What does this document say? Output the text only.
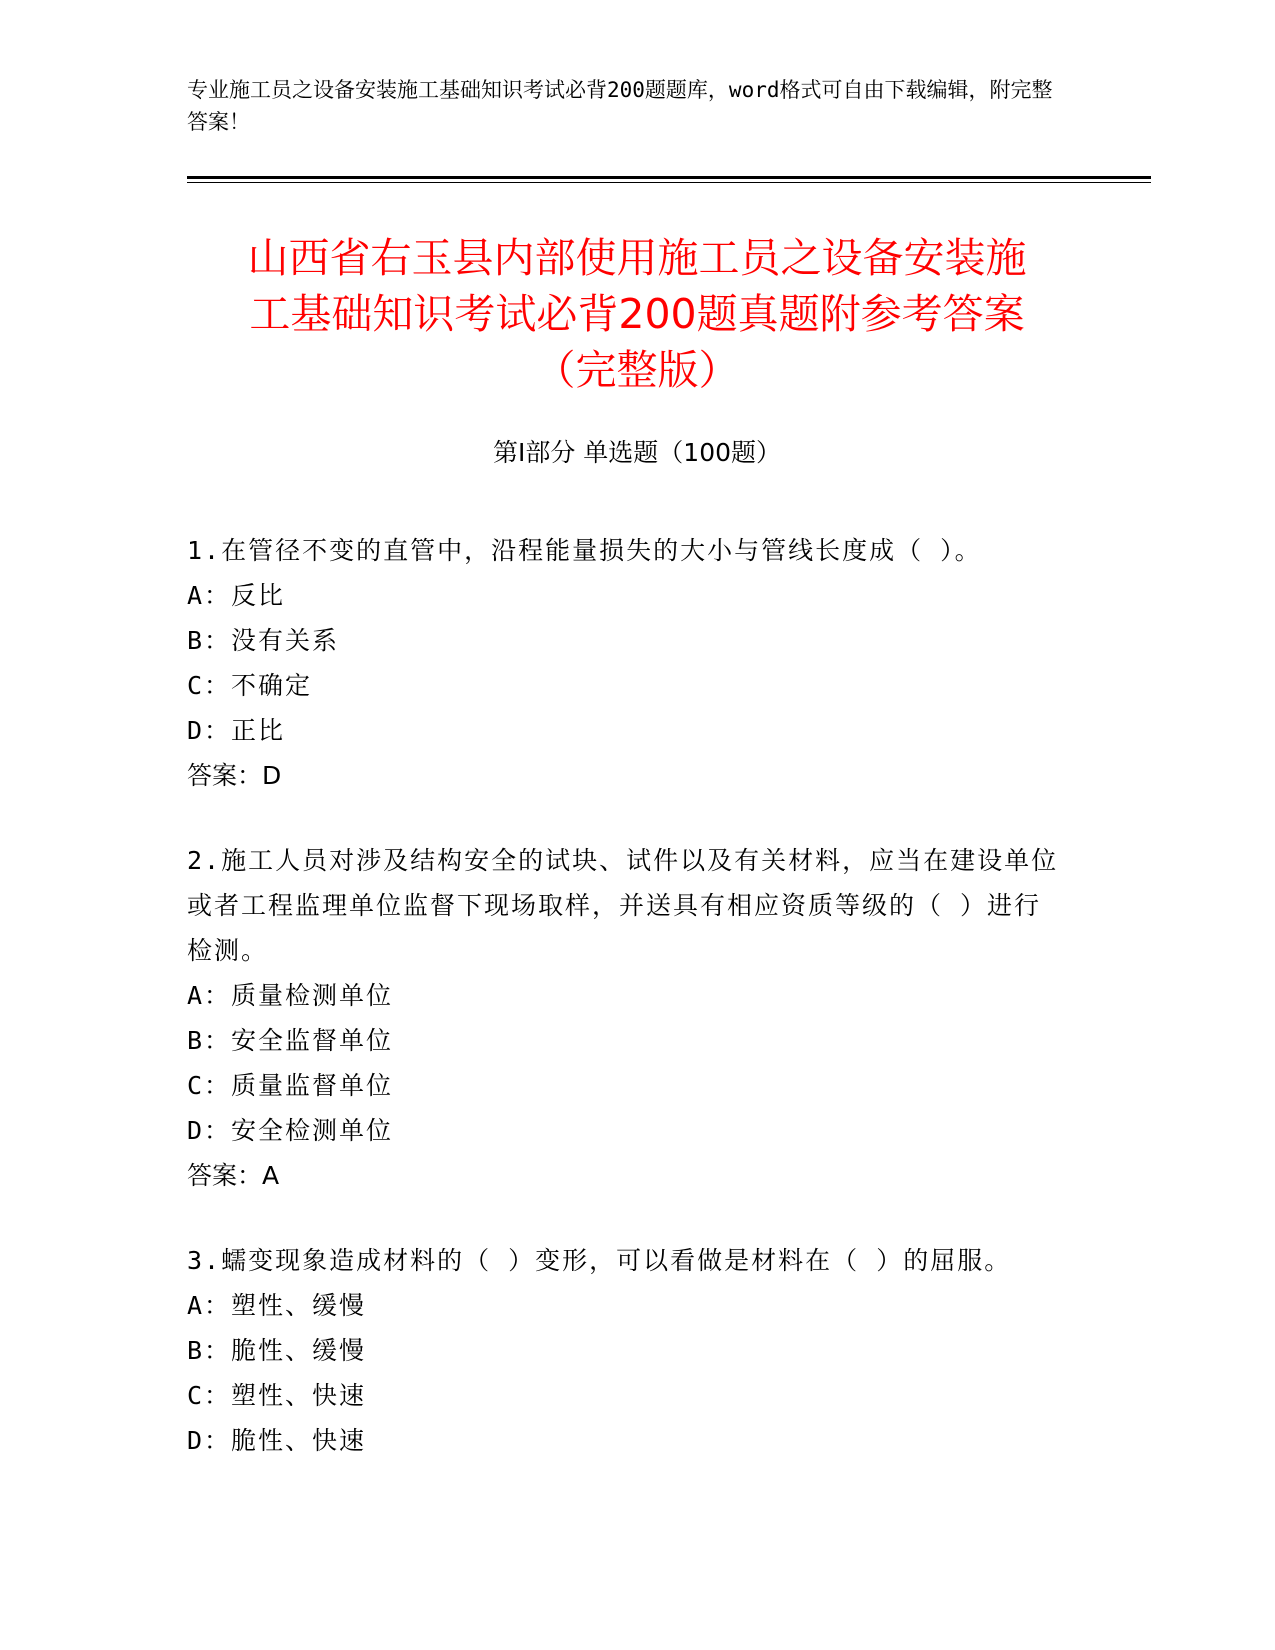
专业施工员之设备安装施工基础知识考试必背200题题库，word格式可自由下载编辑，附完整答案！
山西省右玉县内部使用施工员之设备安装施
工基础知识考试必背200题真题附参考答案
（完整版）
第I部分 单选题（100题）
1.在管径不变的直管中，沿程能量损失的大小与管线长度成（ ）。
A：反比
B：没有关系
C：不确定
D：正比
答案：D
2.施工人员对涉及结构安全的试块、试件以及有关材料，应当在建设单位或者工程监理单位监督下现场取样，并送具有相应资质等级的（ ）进行检测。
A：质量检测单位
B：安全监督单位
C：质量监督单位
D：安全检测单位
答案：A
3.蠕变现象造成材料的（ ）变形，可以看做是材料在（ ）的屈服。
A：塑性、缓慢
B：脆性、缓慢
C：塑性、快速
D：脆性、快速
